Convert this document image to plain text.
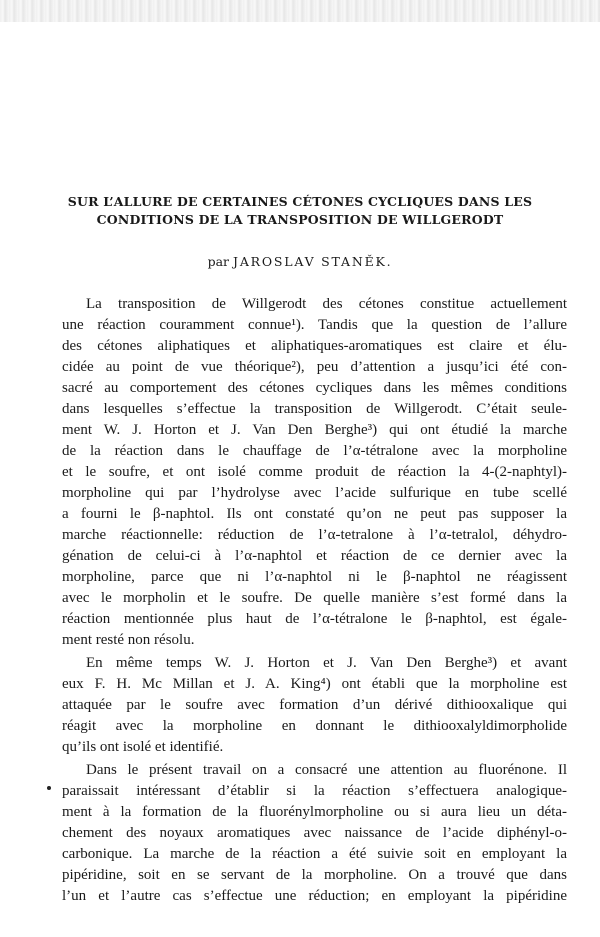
SUR L’ALLURE DE CERTAINES CÉTONES CYCLIQUES DANS LES
CONDITIONS DE LA TRANSPOSITION DE WILLGERODT
par JAROSLAV STANĚK.
La transposition de Willgerodt des cétones constitue actuellement
une réaction couramment connue¹). Tandis que la question de l’allure
des cétones aliphatiques et aliphatiques-aromatiques est claire et élu-
cidée au point de vue théorique²), peu d’attention a jusqu’ici été con-
sacré au comportement des cétones cycliques dans les mêmes conditions
dans lesquelles s’effectue la transposition de Willgerodt. C’était seule-
ment W. J. Horton et J. Van Den Berghe³) qui ont étudié la marche
de la réaction dans le chauffage de l’α-tétralone avec la morpholine
et le soufre, et ont isolé comme produit de réaction la 4-(2-naphtyl)-
morpholine qui par l’hydrolyse avec l’acide sulfurique en tube scellé
a fourni le β-naphtol. Ils ont constaté qu’on ne peut pas supposer la
marche réactionnelle: réduction de l’α-tetralone à l’α-tetralol, déhydro-
génation de celui-ci à l’α-naphtol et réaction de ce dernier avec la
morpholine, parce que ni l’α-naphtol ni le β-naphtol ne réagissent
avec le morpholin et le soufre. De quelle manière s’est formé dans la
réaction mentionnée plus haut de l’α-tétralone le β-naphtol, est égale-
ment resté non résolu.
En même temps W. J. Horton et J. Van Den Berghe³) et avant
eux F. H. Mc Millan et J. A. King⁴) ont établi que la morpholine est
attaquée par le soufre avec formation d’un dérivé dithiooxalique qui
réagit avec la morpholine en donnant le dithiooxalyldimorpholide
qu’ils ont isolé et identifié.
Dans le présent travail on a consacré une attention au fluorénone. Il
paraissait intéressant d’établir si la réaction s’effectuera analogique-
ment à la formation de la fluorénylmorpholine ou si aura lieu un déta-
chement des noyaux aromatiques avec naissance de l’acide diphényl-o-
carbonique. La marche de la réaction a été suivie soit en employant la
pipéridine, soit en se servant de la morpholine. On a trouvé que dans
l’un et l’autre cas s’effectue une réduction; en employant la pipéridine
